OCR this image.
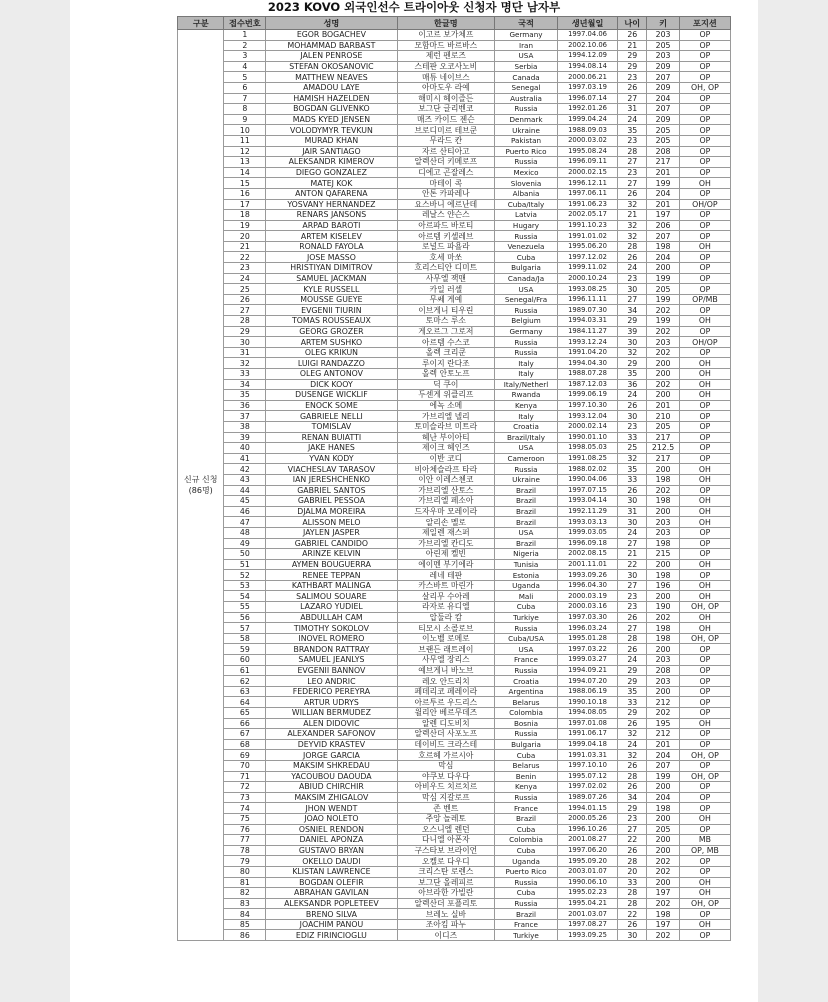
2023 KOVO 외국인선수 트라이아웃 신청자 명단 남자부
구분	접수번호	성명	한글명	국적	생년월일	나이	키	포지션

신규 신청
(86명)	1	EGOR BOGACHEV	이고르 보가체프	Germany	1997.04.06	26	203	OP
	2	MOHAMMAD BARBAST	모함마드 바르바스	Iran	2002.10.06	21	205	OP
	3	JALEN PENROSE	제런 펜로즈	USA	1994.12.09	29	203	OP
	4	STEFAN OKOSANOVIC	스테판 오코사노비	Serbia	1994.08.14	29	209	OP
	5	MATTHEW NEAVES	매튜 네이브스	Canada	2000.06.21	23	207	OP
	6	AMADOU LAYE	아마도우 라예	Senegal	1997.03.19	26	209	OH, OP
	7	HAMISH HAZELDEN	해미시 헤이즐든	Australia	1996.07.14	27	204	OP
	8	BOGDAN GLIVENKO	보그단 글리벤코	Russia	1992.01.26	31	207	OP
	9	MADS KYED JENSEN	매즈 카이드 젠슨	Denmark	1999.04.24	24	209	OP
	10	VOLODYMYR TEVKUN	브로디미르 테브쿤	Ukraine	1988.09.03	35	205	OP
	11	MURAD KHAN	무라드 칸	Pakistan	2000.03.02	23	205	OP
	12	JAIR SANTIAGO	자르 산티아고	Puerto Rico	1995.08.24	28	208	OP
	13	ALEKSANDR KIMEROV	알렉산더 키메로프	Russia	1996.09.11	27	217	OP
	14	DIEGO GONZALEZ	디에고 곤잘레스	Mexico	2000.02.15	23	201	OP
	15	MATEJ KOK	마테이 콕	Slovenia	1996.12.11	27	199	OH
	16	ANTON QAFARENA	안톤 카파레나	Albania	1997.06.11	26	204	OP
	17	YOSVANY HERNANDEZ	요스바니 에르난데	Cuba/Italy	1991.06.23	32	201	OH/OP
	18	RENARS JANSONS	레날스 얀슨스	Latvia	2002.05.17	21	197	OP
	19	ARPAD BAROTI	아르파드 바로티	Hugary	1991.10.23	32	206	OP
	20	ARTEM KISELEV	아르템 키셀레브	Russia	1991.01.02	32	207	OP
	21	RONALD FAYOLA	로널드 파욜라	Venezuela	1995.06.20	28	198	OH
	22	JOSE MASSO	호세 마쏘	Cuba	1997.12.02	26	204	OP
	23	HRISTIYAN DIMITROV	흐리스티안 디미트	Bulgaria	1999.11.02	24	200	OP
	24	SAMUEL JACKMAN	사무엘 잭맨	Canada/Ja	2000.10.24	23	199	OP
	25	KYLE RUSSELL	카일 러셀	USA	1993.08.25	30	205	OP
	26	MOUSSE GUEYE	무쎄 게예	Senegal/Fra	1996.11.11	27	199	OP/MB
	27	EVGENII TIURIN	이브게니 티우린	Russia	1989.07.30	34	202	OP
	28	TOMAS ROUSSEAUX	토마스 루소	Belgium	1994.03.31	29	199	OH
	29	GEORG GROZER	게오르그 그로저	Germany	1984.11.27	39	202	OP
	30	ARTEM SUSHKO	아르템 수스코	Russia	1993.12.24	30	203	OH/OP
	31	OLEG KRIKUN	올렉 크리쿤	Russia	1991.04.20	32	202	OP
	32	LUIGI RANDAZZO	루이지 란다조	Italy	1994.04.30	29	200	OH
	33	OLEG ANTONOV	올렉 안토노프	Italy	1988.07.28	35	200	OH
	34	DICK KOOY	딕 쿠이	Italy/Netherl	1987.12.03	36	202	OH
	35	DUSENGE WICKLIF	두센게 위클리프	Rwanda	1999.06.19	24	200	OH
	36	ENOCK SOME	에녹 소메	Kenya	1997.10.30	26	201	OP
	37	GABRIELE NELLI	가브리엘 넬리	Italy	1993.12.04	30	210	OP
	38	TOMISLAV	토미슬라브 미트라	Croatia	2000.02.14	23	205	OP
	39	RENAN BUIATTI	헤난 부이아티	Brazil/Italy	1990.01.10	33	217	OP
	40	JAKE HANES	제이크 헤인즈	USA	1998.05.03	25	212.5	OP
	41	YVAN KODY	이반 코디	Cameroon	1991.08.25	32	217	OP
	42	VIACHESLAV TARASOV	비아체슬라프 타라	Russia	1988.02.02	35	200	OH
	43	IAN JERESHCHENKO	이안 이레스첸코	Ukraine	1990.04.06	33	198	OH
	44	GABRIEL SANTOS	가브리엘 산토스	Brazil	1997.07.15	26	202	OP
	45	GABRIEL PESSOA	가브리엘 페소아	Brazil	1993.04.14	30	198	OH
	46	DJALMA MOREIRA	드자우마 모레이라	Brazil	1992.11.29	31	200	OH
	47	ALISSON MELO	알리손 멜로	Brazil	1993.03.13	30	203	OH
	48	JAYLEN JASPER	제일렌 재스퍼	USA	1999.03.05	24	203	OP
	49	GABRIEL CANDIDO	가브리엘 칸디도	Brazil	1996.09.18	27	198	OP
	50	ARINZE KELVIN	아린제 켈빈	Nigeria	2002.08.15	21	215	OP
	51	AYMEN BOUGUERRA	에이멘 부기에라	Tunisia	2001.11.01	22	200	OH
	52	RENEE TEPPAN	레네 테판	Estonia	1993.09.26	30	198	OP
	53	KATHBART MALINGA	카스바트 마린가	Uganda	1996.04.30	27	196	OH
	54	SALIMOU SOUARE	살리무 수아레	Mali	2000.03.19	23	200	OH
	55	LAZARO YUDIEL	라자로 유디엘	Cuba	2000.03.16	23	190	OH, OP
	56	ABDULLAH CAM	압둘라 캄	Turkiye	1997.03.30	26	202	OH
	57	TIMOTHY SOKOLOV	티모시 소콜로브	Russia	1996.03.24	27	198	OH
	58	INOVEL ROMERO	이노벨 로메로	Cuba/USA	1995.01.28	28	198	OH, OP
	59	BRANDON RATTRAY	브랜든 래트레이	USA	1997.03.22	26	200	OP
	60	SAMUEL JEANLYS	사무엘 장리스	France	1999.03.27	24	203	OP
	61	EVGENII BANNOV	예브게니 바노브	Russia	1994.09.21	29	208	OP
	62	LEO ANDRIC	레오 안드리치	Croatia	1994.07.20	29	203	OP
	63	FEDERICO PEREYRA	페데리코 페레이라	Argentina	1988.06.19	35	200	OP
	64	ARTUR UDRYS	아르투르 우드리스	Belarus	1990.10.18	33	212	OP
	65	WILLIAN BERMUDEZ	윌리안 베르무데즈	Colombia	1994.08.05	29	202	OP
	66	ALEN DIDOVIC	알렌 디도비치	Bosnia	1997.01.08	26	195	OH
	67	ALEXANDER SAFONOV	알렉산더 사포노프	Russia	1991.06.17	32	212	OP
	68	DEYVID KRASTEV	데이비드 크라스테	Bulgaria	1999.04.18	24	201	OP
	69	JORGE GARCIA	호르헤 가르시아	Cuba	1991.03.31	32	204	OH, OP
	70	MAKSIM SHKREDAU	막심	Belarus	1997.10.10	26	207	OP
	71	YACOUBOU DAOUDA	야쿠보 다우다	Benin	1995.07.12	28	199	OH, OP
	72	ABIUD CHIRCHIR	아비우드 치르치르	Kenya	1997.02.02	26	200	OP
	73	MAKSIM ZHIGALOV	막심 지갈로프	Russia	1989.07.26	34	204	OP
	74	JHON WENDT	존 벤트	France	1994.01.15	29	198	OP
	75	JOAO NOLETO	주앙 놀레토	Brazil	2000.05.26	23	200	OH
	76	OSNIEL RENDON	오스니엘 렌던	Cuba	1996.10.26	27	205	OP
	77	DANIEL APONZA	다니엘 아폰자	Colombia	2001.08.27	22	200	MB
	78	GUSTAVO BRYAN	구스타보 브라이언	Cuba	1997.06.20	26	200	OP, MB
	79	OKELLO DAUDI	오켈로 다우디	Uganda	1995.09.20	28	202	OP
	80	KLISTAN LAWRENCE	크리스탄 로렌스	Puerto Rico	2003.01.07	20	202	OP
	81	BOGDAN OLEFIR	보그단 올레피르	Russia	1990.06.10	33	200	OH
	82	ABRAHAN GAVILAN	아브라한 가빌란	Cuba	1995.02.23	28	197	OH
	83	ALEKSANDR POPLETEEV	알렉산더 포플리토	Russia	1995.04.21	28	202	OH, OP
	84	BRENO SILVA	브레노 실바	Brazil	2001.03.07	22	198	OP
	85	JOACHIM PANOU	조아킴 파누	France	1997.08.27	26	197	OH
	86	EDIZ FIRINCIOGLU	이디즈	Turkiye	1993.09.25	30	202	OP
